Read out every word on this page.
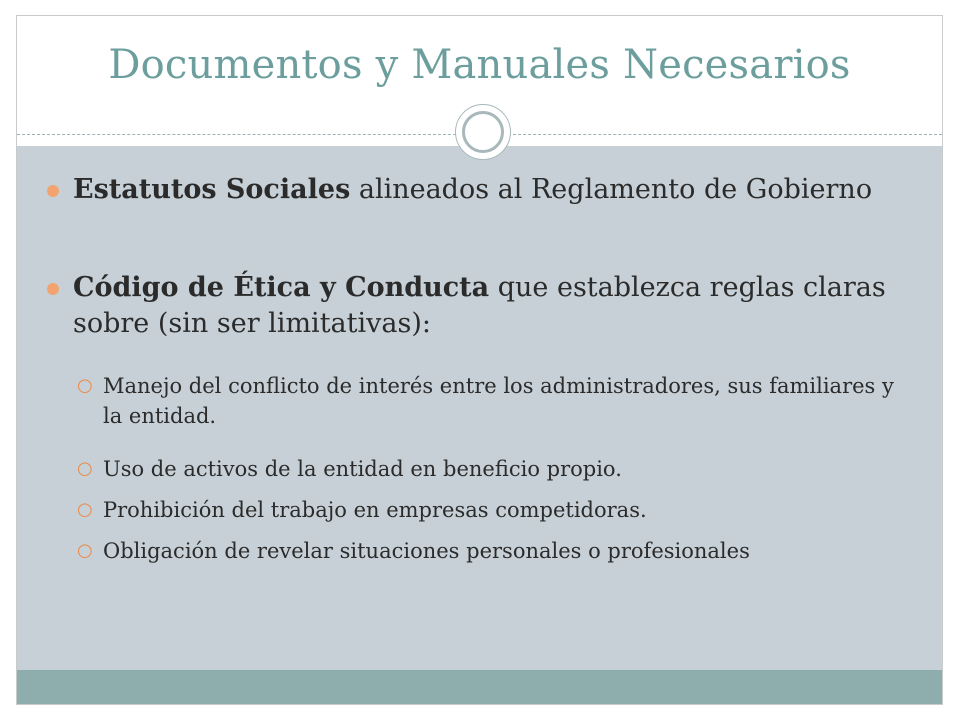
Documentos y Manuales Necesarios
Estatutos Sociales alineados al Reglamento de Gobierno
Código de Ética y Conducta que establezca reglas claras sobre (sin ser limitativas):
○ Manejo del conflicto de interés entre los administradores, sus familiares y la entidad.
○ Uso de activos de la entidad en beneficio propio.
○ Prohibición del trabajo en empresas competidoras.
○ Obligación de revelar situaciones personales o profesionales
